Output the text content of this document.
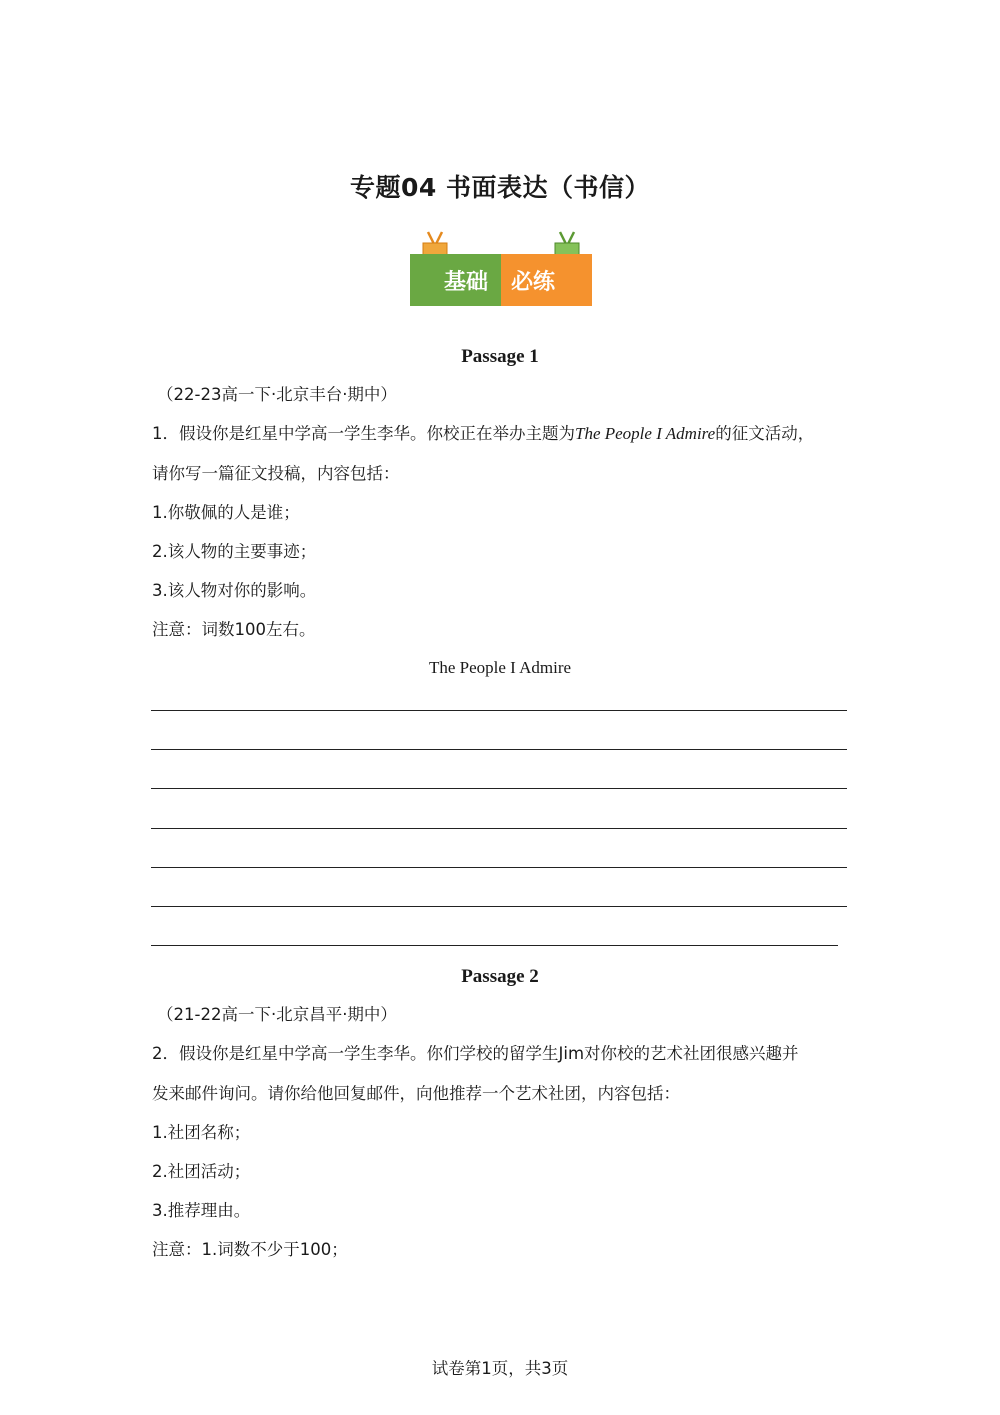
专题04 书面表达（书信）
基础 必练
Passage 1
（22-23高一下·北京丰台·期中）
1．假设你是红星中学高一学生李华。你校正在举办主题为The People I Admire的征文活动，
请你写一篇征文投稿，内容包括：
1.你敬佩的人是谁；
2.该人物的主要事迹；
3.该人物对你的影响。
注意：词数100左右。
The People I Admire
Passage 2
（21-22高一下·北京昌平·期中）
2．假设你是红星中学高一学生李华。你们学校的留学生Jim对你校的艺术社团很感兴趣并
发来邮件询问。请你给他回复邮件，向他推荐一个艺术社团，内容包括：
1.社团名称；
2.社团活动；
3.推荐理由。
注意：1.词数不少于100；
试卷第1页，共3页
